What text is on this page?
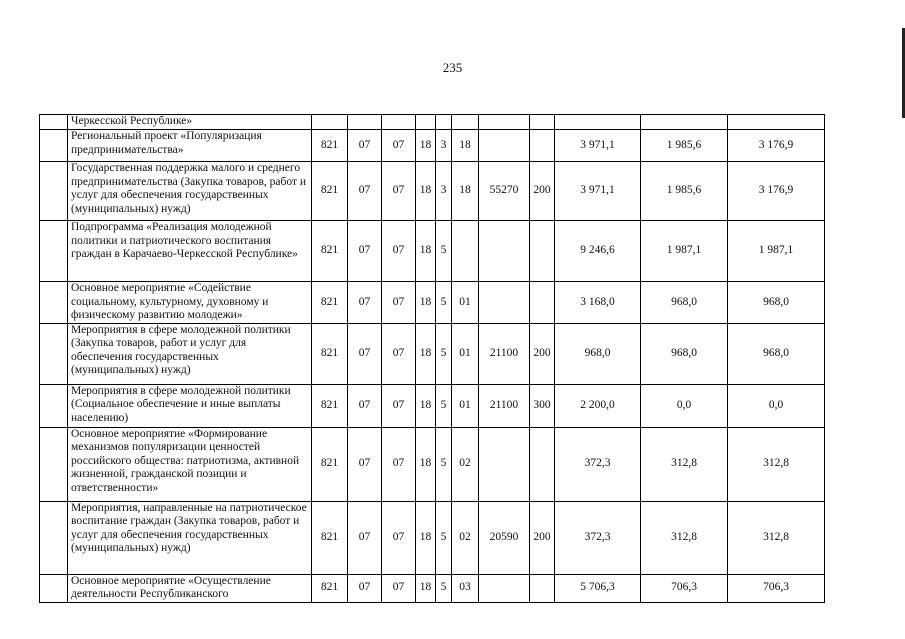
235
	Черкесской Республике»											
	Региональный проект «Популяризация предпринимательства»	821	07	07	18	3	18			3 971,1	1 985,6	3 176,9
	Государственная поддержка малого и среднего предпринимательства (Закупка товаров, работ и услуг для обеспечения государственных (муниципальных) нужд)	821	07	07	18	3	18	55270	200	3 971,1	1 985,6	3 176,9
	Подпрограмма «Реализация молодежной политики и патриотического воспитания граждан в Карачаево-Черкесской Республике»	821	07	07	18	5				9 246,6	1 987,1	1 987,1
	Основное мероприятие «Содействие социальному, культурному, духовному и физическому развитию молодежи»	821	07	07	18	5	01			3 168,0	968,0	968,0
	Мероприятия в сфере молодежной политики (Закупка товаров, работ и услуг для обеспечения государственных (муниципальных) нужд)	821	07	07	18	5	01	21100	200	968,0	968,0	968,0
	Мероприятия в сфере молодежной политики (Социальное обеспечение и иные выплаты населению)	821	07	07	18	5	01	21100	300	2 200,0	0,0	0,0
	Основное мероприятие «Формирование механизмов популяризации ценностей российского общества: патриотизма, активной жизненной, гражданской позиции и ответственности»	821	07	07	18	5	02			372,3	312,8	312,8
	Мероприятия, направленные на патриотическое воспитание граждан (Закупка товаров, работ и услуг для обеспечения государственных (муниципальных) нужд)	821	07	07	18	5	02	20590	200	372,3	312,8	312,8
	Основное мероприятие «Осуществление деятельности Республиканского	821	07	07	18	5	03			5 706,3	706,3	706,3
